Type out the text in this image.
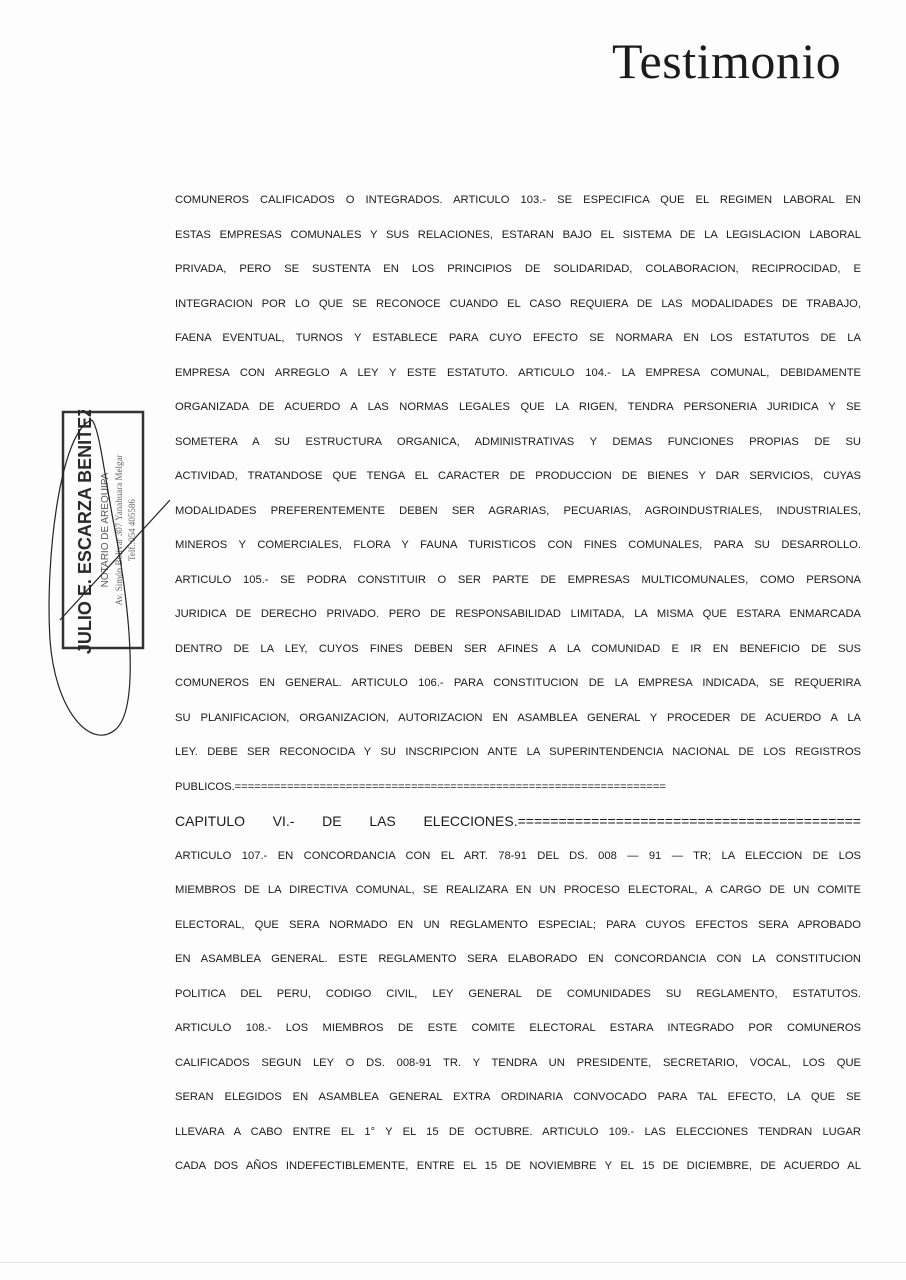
Testimonio
JULIO E. ESCARZA BENITEZ NOTARIO DE AREQUIPA Av. Simón Bolívar 307 Yanahuara Melgar Telf.:054 405586
COMUNEROS CALIFICADOS O INTEGRADOS. ARTICULO 103.- SE ESPECIFICA QUE EL REGIMEN LABORAL EN
ESTAS EMPRESAS COMUNALES Y SUS RELACIONES, ESTARAN BAJO EL SISTEMA DE LA LEGISLACION LABORAL
PRIVADA, PERO SE SUSTENTA EN LOS PRINCIPIOS DE SOLIDARIDAD, COLABORACION, RECIPROCIDAD, E
INTEGRACION POR LO QUE SE RECONOCE CUANDO EL CASO REQUIERA DE LAS MODALIDADES DE TRABAJO,
FAENA EVENTUAL, TURNOS Y ESTABLECE PARA CUYO EFECTO SE NORMARA EN LOS ESTATUTOS DE LA
EMPRESA CON ARREGLO A LEY Y ESTE ESTATUTO. ARTICULO 104.- LA EMPRESA COMUNAL, DEBIDAMENTE
ORGANIZADA DE ACUERDO A LAS NORMAS LEGALES QUE LA RIGEN, TENDRA PERSONERIA JURIDICA Y SE
SOMETERA A SU ESTRUCTURA ORGANICA, ADMINISTRATIVAS Y DEMAS FUNCIONES PROPIAS DE SU
ACTIVIDAD, TRATANDOSE QUE TENGA EL CARACTER DE PRODUCCION DE BIENES Y DAR SERVICIOS, CUYAS
MODALIDADES PREFERENTEMENTE DEBEN SER AGRARIAS, PECUARIAS, AGROINDUSTRIALES, INDUSTRIALES,
MINEROS Y COMERCIALES, FLORA Y FAUNA TURISTICOS CON FINES COMUNALES, PARA SU DESARROLLO.
ARTICULO 105.- SE PODRA CONSTITUIR O SER PARTE DE EMPRESAS MULTICOMUNALES, COMO PERSONA
JURIDICA DE DERECHO PRIVADO. PERO DE RESPONSABILIDAD LIMITADA, LA MISMA QUE ESTARA ENMARCADA
DENTRO DE LA LEY, CUYOS FINES DEBEN SER AFINES A LA COMUNIDAD E IR EN BENEFICIO DE SUS
COMUNEROS EN GENERAL. ARTICULO 106.- PARA CONSTITUCION DE LA EMPRESA INDICADA, SE REQUERIRA
SU PLANIFICACION, ORGANIZACION, AUTORIZACION EN ASAMBLEA GENERAL Y PROCEDER DE ACUERDO A LA
LEY. DEBE SER RECONOCIDA Y SU INSCRIPCION ANTE LA SUPERINTENDENCIA NACIONAL DE LOS REGISTROS
PUBLICOS.==================================================================
CAPITULO VI.- DE LAS ELECCIONES.==========================================
ARTICULO 107.- EN CONCORDANCIA CON EL ART. 78-91 DEL DS. 008 — 91 — TR; LA ELECCION DE LOS
MIEMBROS DE LA DIRECTIVA COMUNAL, SE REALIZARA EN UN PROCESO ELECTORAL, A CARGO DE UN COMITE
ELECTORAL, QUE SERA NORMADO EN UN REGLAMENTO ESPECIAL; PARA CUYOS EFECTOS SERA APROBADO
EN ASAMBLEA GENERAL. ESTE REGLAMENTO SERA ELABORADO EN CONCORDANCIA CON LA CONSTITUCION
POLITICA DEL PERU, CODIGO CIVIL, LEY GENERAL DE COMUNIDADES SU REGLAMENTO, ESTATUTOS.
ARTICULO 108.- LOS MIEMBROS DE ESTE COMITE ELECTORAL ESTARA INTEGRADO POR COMUNEROS
CALIFICADOS SEGUN LEY O DS. 008-91 TR. Y TENDRA UN PRESIDENTE, SECRETARIO, VOCAL, LOS QUE
SERAN ELEGIDOS EN ASAMBLEA GENERAL EXTRA ORDINARIA CONVOCADO PARA TAL EFECTO, LA QUE SE
LLEVARA A CABO ENTRE EL 1° Y EL 15 DE OCTUBRE. ARTICULO 109.- LAS ELECCIONES TENDRAN LUGAR
CADA DOS AÑOS INDEFECTIBLEMENTE, ENTRE EL 15 DE NOVIEMBRE Y EL 15 DE DICIEMBRE, DE ACUERDO AL
